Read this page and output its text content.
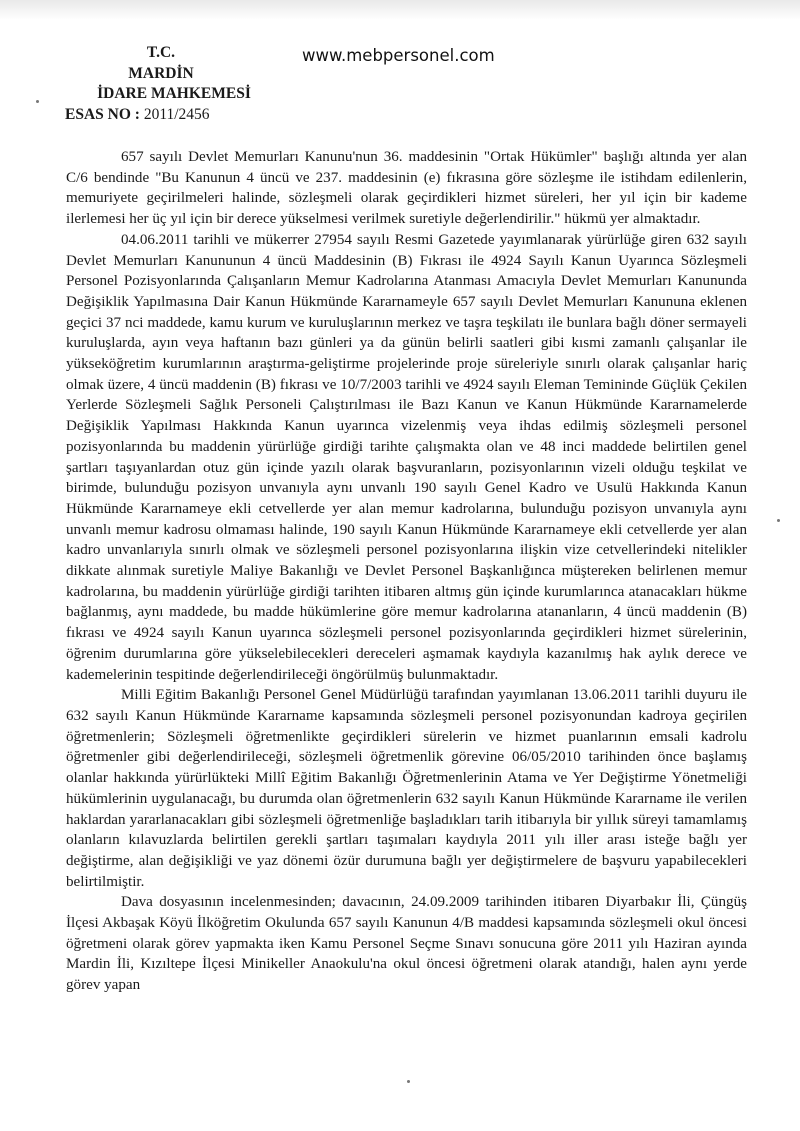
T.C.
MARDİN
İDARE MAHKEMESİ
ESAS NO : 2011/2456
www.mebpersonel.com

657 sayılı Devlet Memurları Kanunu'nun 36. maddesinin "Ortak Hükümler" başlığı altında yer alan C/6 bendinde "Bu Kanunun 4 üncü ve 237. maddesinin (e) fıkrasına göre sözleşme ile istihdam edilenlerin, memuriyete geçirilmeleri halinde, sözleşmeli olarak geçirdikleri hizmet süreleri, her yıl için bir kademe ilerlemesi her üç yıl için bir derece yükselmesi verilmek suretiyle değerlendirilir." hükmü yer almaktadır.

04.06.2011 tarihli ve mükerrer 27954 sayılı Resmi Gazetede yayımlanarak yürürlüğe giren 632 sayılı Devlet Memurları Kanununun 4 üncü Maddesinin (B) Fıkrası ile 4924 Sayılı Kanun Uyarınca Sözleşmeli Personel Pozisyonlarında Çalışanların Memur Kadrolarına Atanması Amacıyla Devlet Memurları Kanununda Değişiklik Yapılmasına Dair Kanun Hükmünde Kararnameyle 657 sayılı Devlet Memurları Kanununa eklenen geçici 37 nci maddede, kamu kurum ve kuruluşlarının merkez ve taşra teşkilatı ile bunlara bağlı döner sermayeli kuruluşlarda, ayın veya haftanın bazı günleri ya da günün belirli saatleri gibi kısmi zamanlı çalışanlar ile yükseköğretim kurumlarının araştırma-geliştirme projelerinde proje süreleriyle sınırlı olarak çalışanlar hariç olmak üzere, 4 üncü maddenin (B) fıkrası ve 10/7/2003 tarihli ve 4924 sayılı Eleman Temininde Güçlük Çekilen Yerlerde Sözleşmeli Sağlık Personeli Çalıştırılması ile Bazı Kanun ve Kanun Hükmünde Kararnamelerde Değişiklik Yapılması Hakkında Kanun uyarınca vizelenmiş veya ihdas edilmiş sözleşmeli personel pozisyonlarında bu maddenin yürürlüğe girdiği tarihte çalışmakta olan ve 48 inci maddede belirtilen genel şartları taşıyanlardan otuz gün içinde yazılı olarak başvuranların, pozisyonlarının vizeli olduğu teşkilat ve birimde, bulunduğu pozisyon unvanıyla aynı unvanlı 190 sayılı Genel Kadro ve Usulü Hakkında Kanun Hükmünde Kararnameye ekli cetvellerde yer alan memur kadrolarına, bulunduğu pozisyon unvanıyla aynı unvanlı memur kadrosu olmaması halinde, 190 sayılı Kanun Hükmünde Kararnameye ekli cetvellerde yer alan kadro unvanlarıyla sınırlı olmak ve sözleşmeli personel pozisyonlarına ilişkin vize cetvellerindeki nitelikler dikkate alınmak suretiyle Maliye Bakanlığı ve Devlet Personel Başkanlığınca müştereken belirlenen memur kadrolarına, bu maddenin yürürlüğe girdiği tarihten itibaren altmış gün içinde kurumlarınca atanacakları hükme bağlanmış, aynı maddede, bu madde hükümlerine göre memur kadrolarına atananların, 4 üncü maddenin (B) fıkrası ve 4924 sayılı Kanun uyarınca sözleşmeli personel pozisyonlarında geçirdikleri hizmet sürelerinin, öğrenim durumlarına göre yükselebilecekleri dereceleri aşmamak kaydıyla kazanılmış hak aylık derece ve kademelerinin tespitinde değerlendirileceği öngörülmüş bulunmaktadır.

Milli Eğitim Bakanlığı Personel Genel Müdürlüğü tarafından yayımlanan 13.06.2011 tarihli duyuru ile 632 sayılı Kanun Hükmünde Kararname kapsamında sözleşmeli personel pozisyonundan kadroya geçirilen öğretmenlerin; Sözleşmeli öğretmenlikte geçirdikleri sürelerin ve hizmet puanlarının emsali kadrolu öğretmenler gibi değerlendirileceği, sözleşmeli öğretmenlik görevine 06/05/2010 tarihinden önce başlamış olanlar hakkında yürürlükteki Millî Eğitim Bakanlığı Öğretmenlerinin Atama ve Yer Değiştirme Yönetmeliği hükümlerinin uygulanacağı, bu durumda olan öğretmenlerin 632 sayılı Kanun Hükmünde Kararname ile verilen haklardan yararlanacakları gibi sözleşmeli öğretmenliğe başladıkları tarih itibarıyla bir yıllık süreyi tamamlamış olanların kılavuzlarda belirtilen gerekli şartları taşımaları kaydıyla 2011 yılı iller arası isteğe bağlı yer değiştirme, alan değişikliği ve yaz dönemi özür durumuna bağlı yer değiştirmelere de başvuru yapabilecekleri belirtilmiştir.

Dava dosyasının incelenmesinden; davacının, 24.09.2009 tarihinden itibaren Diyarbakır İli, Çüngüş İlçesi Akbaşak Köyü İlköğretim Okulunda 657 sayılı Kanunun 4/B maddesi kapsamında sözleşmeli okul öncesi öğretmeni olarak görev yapmakta iken Kamu Personel Seçme Sınavı sonucuna göre 2011 yılı Haziran ayında Mardin İli, Kızıltepe İlçesi Minikeller Anaokulu'na okul öncesi öğretmeni olarak atandığı, halen aynı yerde görev yapan
